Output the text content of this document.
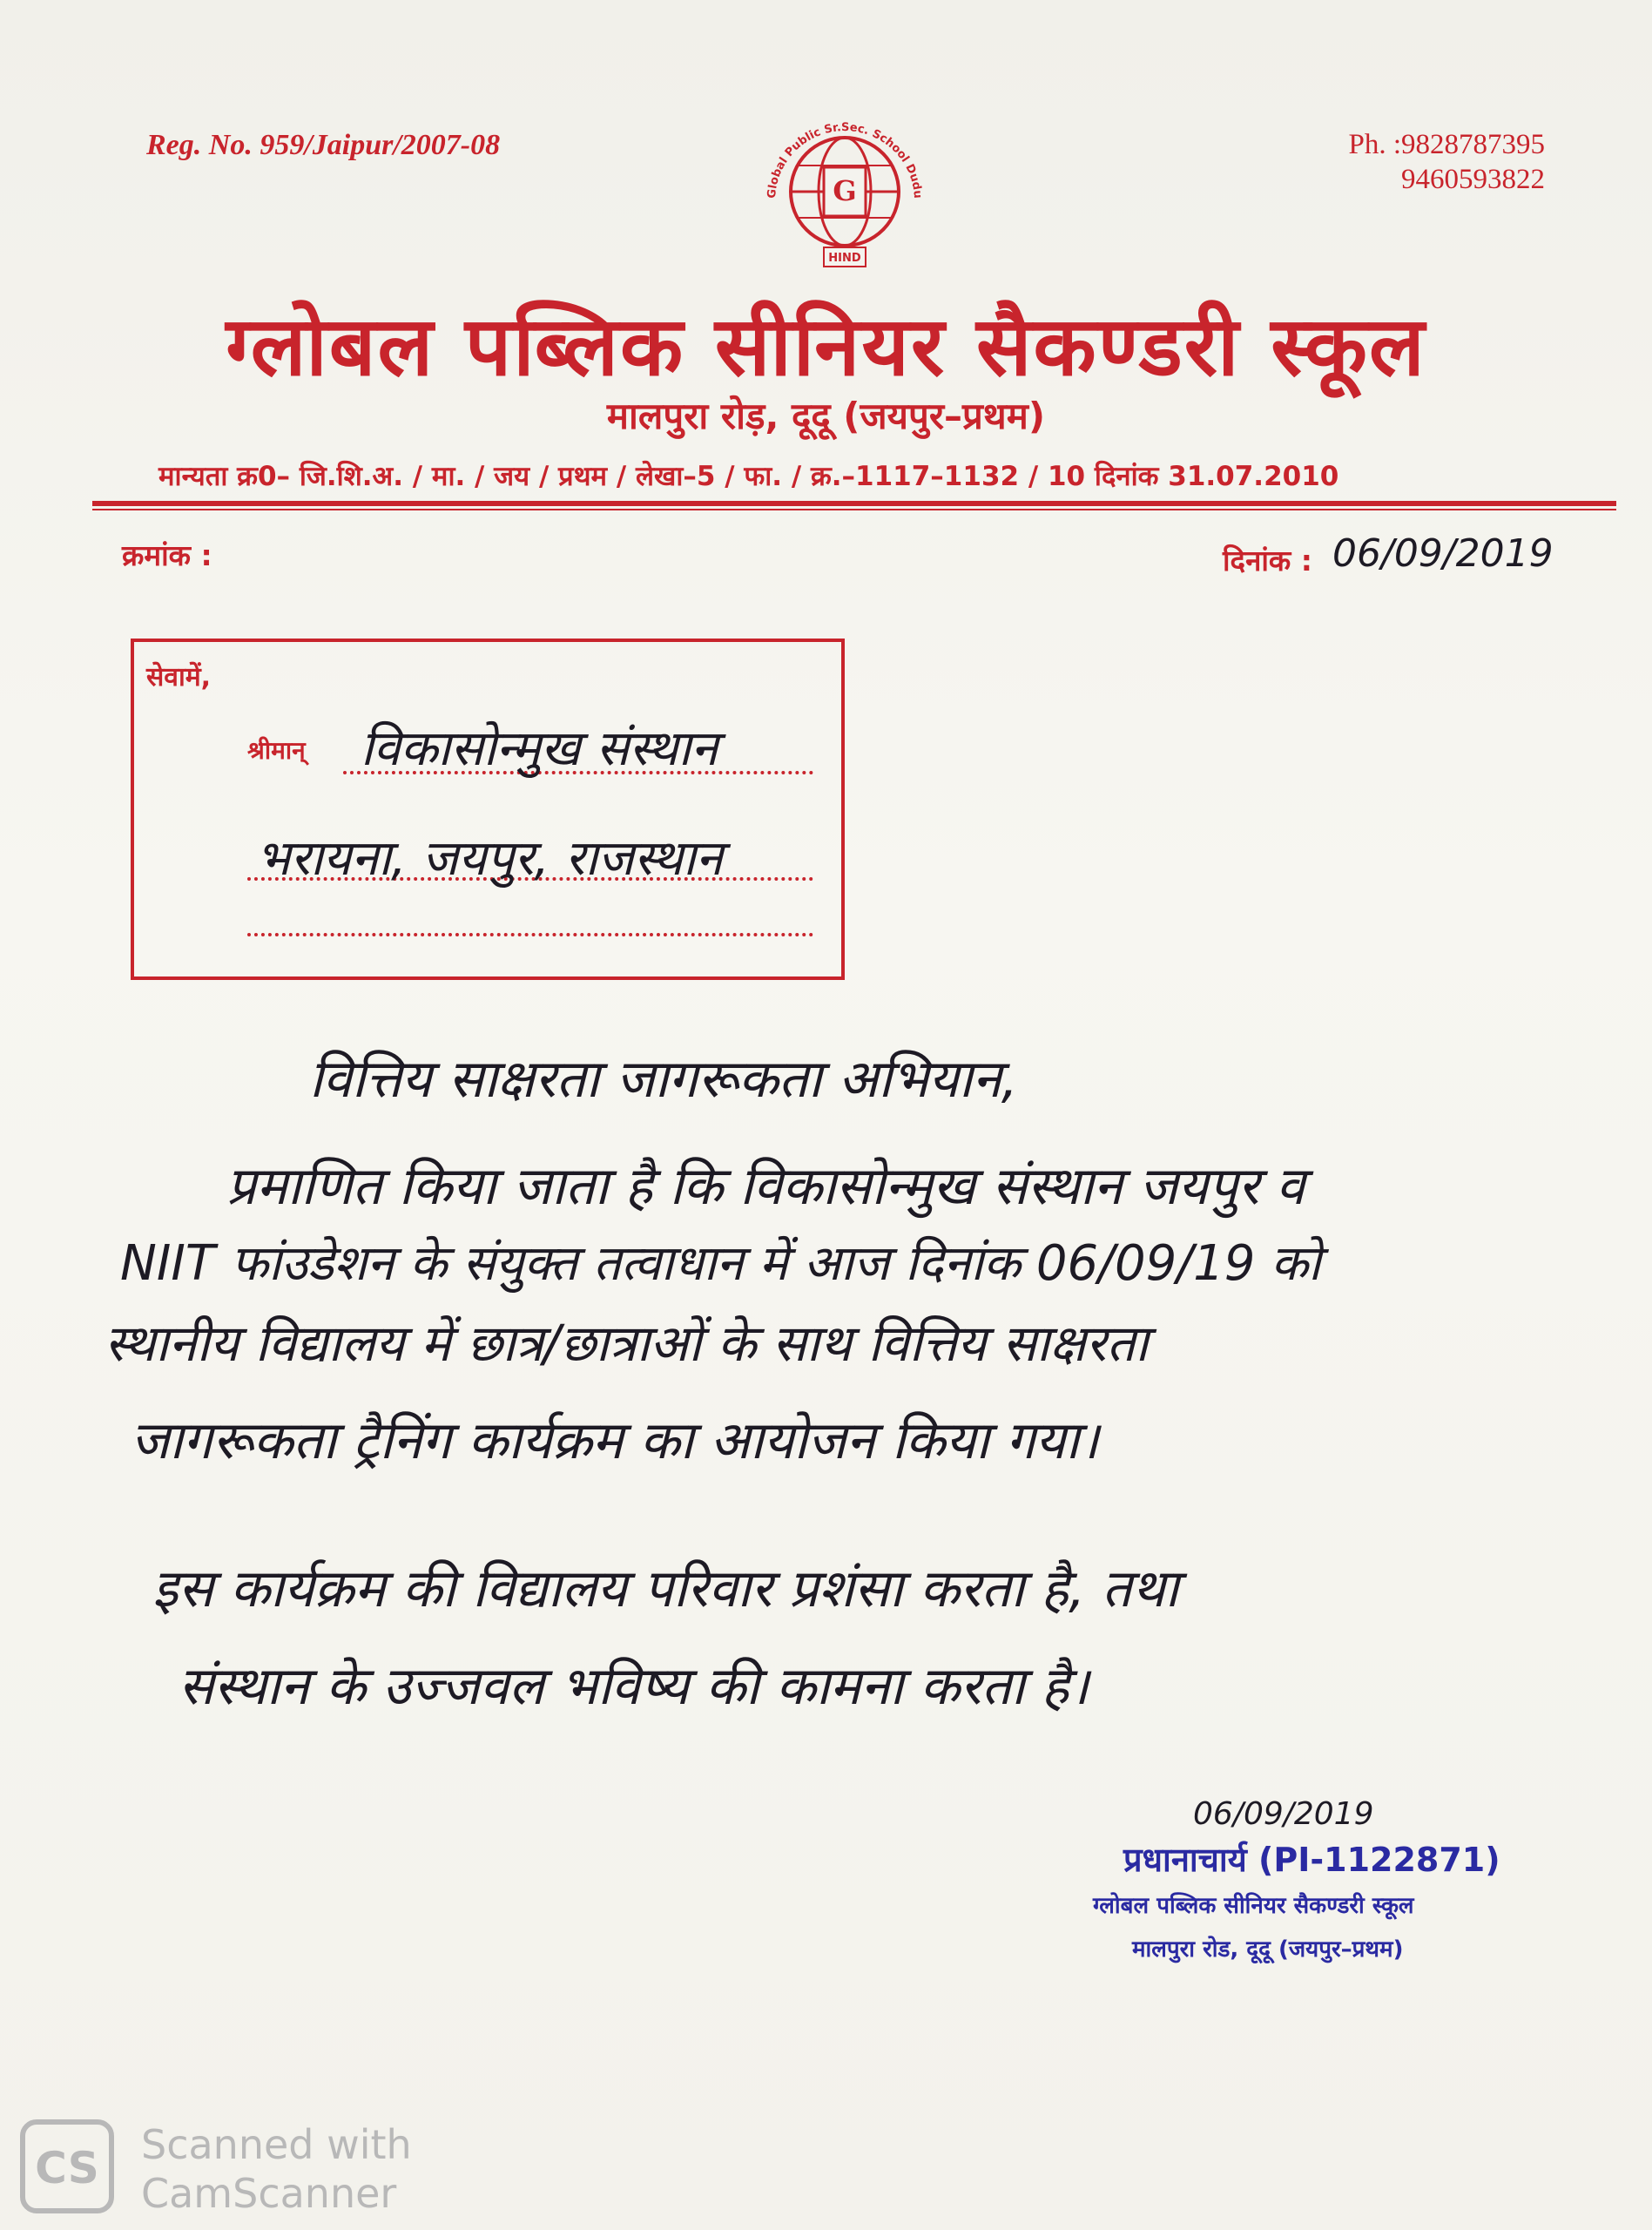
Reg. No. 959/Jaipur/2007-08	Ph. :9828787395
9460593822
G
Global Public Sr.Sec. School Dudu
HIND
ग्लोबल पब्लिक सीनियर सैकण्डरी स्कूल
मालपुरा रोड़, दूदू (जयपुर–प्रथम)
मान्यता क्र0– जि.शि.अ. / मा. / जय / प्रथम / लेखा–5 / फा. / क्र.–1117–1132 / 10 दिनांक 31.07.2010
क्रमांक :	दिनांक : 06/09/2019
सेवामें,
श्रीमान् विकासोन्मुख संस्थान
भरायना, जयपुर, राजस्थान
वित्तिय साक्षरता जागरूकता अभियान,
प्रमाणित किया जाता है कि विकासोन्मुख संस्थान जयपुर व
NIIT फांउडेशन के संयुक्त तत्वाधान में आज दिनांक 06/09/19 को
स्थानीय विद्यालय में छात्र/छात्राओं के साथ वित्तिय साक्षरता
जागरूकता ट्रैनिंग कार्यक्रम का आयोजन किया गया।
इस कार्यक्रम की विद्यालय परिवार प्रशंसा करता है, तथा
संस्थान के उज्जवल भविष्य की कामना करता है।
06/09/2019
प्रधानाचार्य (PI-1122871)
ग्लोबल पब्लिक सीनियर सैकण्डरी स्कूल
मालपुरा रोड, दूदू (जयपुर–प्रथम)
CS Scanned with
CamScanner
